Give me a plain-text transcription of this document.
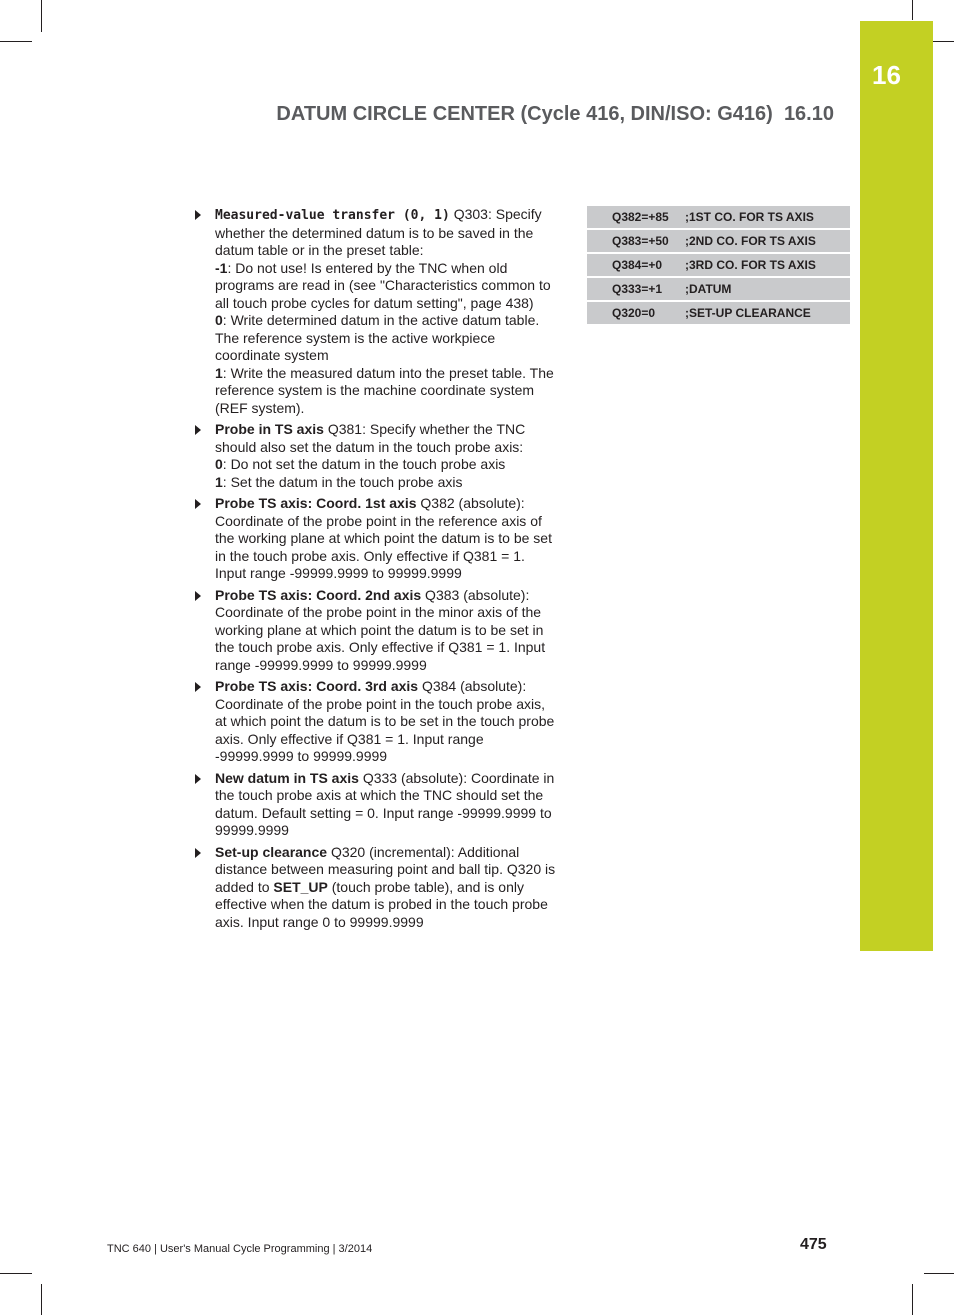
16
DATUM CIRCLE CENTER (Cycle 416, DIN/ISO: G416) 16.10
Measured-value transfer (0, 1) Q303: Specify whether the determined datum is to be saved in the datum table or in the preset table:
-1: Do not use! Is entered by the TNC when old programs are read in (see "Characteristics common to all touch probe cycles for datum setting", page 438)
0: Write determined datum in the active datum table. The reference system is the active workpiece coordinate system
1: Write the measured datum into the preset table. The reference system is the machine coordinate system (REF system).
Probe in TS axis Q381: Specify whether the TNC should also set the datum in the touch probe axis:
0: Do not set the datum in the touch probe axis
1: Set the datum in the touch probe axis
Probe TS axis: Coord. 1st axis Q382 (absolute): Coordinate of the probe point in the reference axis of the working plane at which point the datum is to be set in the touch probe axis. Only effective if Q381 = 1. Input range -99999.9999 to 99999.9999
Probe TS axis: Coord. 2nd axis Q383 (absolute): Coordinate of the probe point in the minor axis of the working plane at which point the datum is to be set in the touch probe axis. Only effective if Q381 = 1. Input range -99999.9999 to 99999.9999
Probe TS axis: Coord. 3rd axis Q384 (absolute): Coordinate of the probe point in the touch probe axis, at which point the datum is to be set in the touch probe axis. Only effective if Q381 = 1. Input range -99999.9999 to 99999.9999
New datum in TS axis Q333 (absolute): Coordinate in the touch probe axis at which the TNC should set the datum. Default setting = 0. Input range -99999.9999 to 99999.9999
Set-up clearance Q320 (incremental): Additional distance between measuring point and ball tip. Q320 is added to SET_UP (touch probe table), and is only effective when the datum is probed in the touch probe axis. Input range 0 to 99999.9999
Q382=+85	;1ST CO. FOR TS AXIS
Q383=+50	;2ND CO. FOR TS AXIS
Q384=+0	;3RD CO. FOR TS AXIS
Q333=+1	;DATUM
Q320=0	;SET-UP CLEARANCE
TNC 640 | User's Manual Cycle Programming | 3/2014	475
